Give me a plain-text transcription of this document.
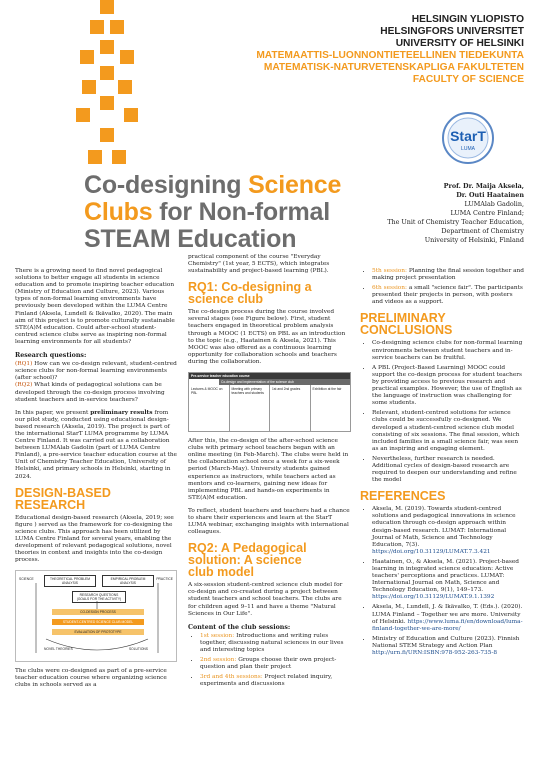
HELSINGIN YLIOPISTO
HELSINGFORS UNIVERSITET
UNIVERSITY OF HELSINKI
MATEMAATTIS-LUONNONTIETEELLINEN TIEDEKUNTA
MATEMATISK-NATURVETENSKAPLIGA FAKULTETEN
FACULTY OF SCIENCE
StarT
LUMA
Co-designing Science
Clubs for Non-formal
STEAM Education
Prof. Dr. Maija Aksela,
Dr. Outi Haatainen
LUMAlab Gadolin,
LUMA Centre Finland;
The Unit of Chemistry Teacher Education,
Department of Chemistry
University of Helsinki, Finland

There is a growing need to find novel pedagogical solutions to better engage all students in science education and to promote inspiring teacher education (Ministry of Education and Culture, 2023). Various types of non-formal learning environments have previously been developed within the LUMA Centre Finland (Aksela, Lundell & Ikävalko, 2020). The main aim of this project is to promote culturally sustainable STE(A)M education. Could after-school student-centred science clubs serve as inspiring non-formal learning environments for all students?

Research questions:

(RQ1) How can we co-design relevant, student-centred science clubs for non-formal learning environments (after school)?

(RQ2) What kinds of pedagogical solutions can be developed through the co-design process involving student teachers and in-service teachers?

In this paper, we present preliminary results from our pilot study, conducted using educational design-based research (Aksela, 2019). The project is part of the international StarT LUMA programme by LUMA Centre Finland. It was carried out as a collaboration between LUMAlab Gadolin (part of LUMA Centre Finland), a pre-service teacher education course at the Unit of Chemistry Teacher Education, University of Helsinki, and primary schools in Helsinki, starting in 2024.

DESIGN-BASED
RESEARCH

Educational design-based research (Aksela, 2019; see figure ) served as the framework for co-designing the science clubs. This approach has been utilized by LUMA Centre Finland for several years, enabling the development of relevant pedagogical solutions, novel theories in context and insights into the co-design process.

SCIENCE	PRACTICE
THEORETICAL PROBLEM ANALYSIS
EMPIRICAL PROBLEM ANALYSIS
RESEARCH QUESTIONS (GOALS FOR THE ACTIVITY)
CO-DESIGN PROCESS
STUDENT-CENTRED SCIENCE CLUB MODEL
EVALUATION OF PROTOTYPE
NOVEL THEORIES	SOLUTIONS

The clubs were co-designed as part of a pre-service teacher education course where organizing science clubs in schools served as a

practical component of the course "Everyday Chemistry" (1st year, 5 ECTS), which integrates sustainability and project-based learning (PBL).

RQ1: Co-designing a
science club

The co-design process during the course involved several stages (see Figure below). First, student teachers engaged in theoretical problem analysis through a MOOC (1 ECTS) on PBL as an introduction to the topic (e.g., Haatainen & Aksela, 2021). This MOOC was also offered as a continuous learning opportunity for collaboration schools and teachers during the collaboration.

Pre-service teacher education course
Co-design and implementation of the science club
Lectures & MOOC on PBL
Meeting with primary teachers and students
1st and 2nd grades	Exhibition at the fair

After this, the co-design of the after-school science clubs with primary school teachers began with an online meeting (in Feb-March). The clubs were held in the collaboration school once a week for a six-week period (March-May). University students gained experience as instructors, while teachers acted as mentors and co-learners, gaining new ideas for implementing PBL and hands-on experiments in STE(A)M education.

To reflect, student teachers and teachers had a chance to share their experiences and learn at the StarT LUMA webinar, exchanging insights with international colleagues.

RQ2: A Pedagogical
solution: A science
club model

A six-session student-centred science club model for co-design and co-created during a project between student teachers and school teachers. The clubs are for children aged 9–11 and have a theme "Natural Sciences in Our Life".

Content of the club sessions:
• 1st session: Introductions and writing rules together, discussing natural sciences in our lives and interesting topics
• 2nd session: Groups choose their own project-question and plan their project
• 3rd and 4th sessions: Project related inquiry, experiments and discussions
• 5th session: Planning the final session together and making project presentation
• 6th session: a small "science fair". The participants presented their projects in person, with posters and videos as a support.
PRELIMINARY
CONCLUSIONS
• Co-designing science clubs for non-formal learning environments between student teachers and in-service teachers can be fruitful.
• A PBL (Project-Based Learning) MOOC could support the co-design process for student teachers by providing access to previous research and practical examples. However, the use of English as the language of instruction was challenging for some students.
• Relevant, student-centred solutions for science clubs could be successfully co-designed. We developed a student-centred science club model consisting of six sessions. The final session, which included families in a small science fair, was seen as an inspiring and engaging element.
• Nevertheless, further research is needed. Additional cycles of design-based research are required to deepen our understanding and refine the model
REFERENCES
• Aksela, M. (2019). Towards student-centred solutions and pedagogical innovations in science education through co-design approach within design-based research. LUMAT: International Journal of Math, Science and Technology Education, 7(3). https://doi.org/10.31129/LUMAT.7.3.421
• Haatainen, O., & Aksela, M. (2021). Project-based learning in integrated science education: Active teachers' perceptions and practices. LUMAT: International Journal on Math, Science and Technology Education, 9(1), 149–173. https://doi.org/10.31129/LUMAT.9.1.1392
• Aksela, M., Lundell, J. & Ikävalko, T. (Eds.). (2020). LUMA Finland – Together we are more. University of Helsinki. https://www.luma.fi/en/download/luma-finland-together-we-are-more/
• Ministry of Education and Culture (2023). Finnish National STEM Strategy and Action Plan http://urn.fi/URN:ISBN:978-952-263-735-8
